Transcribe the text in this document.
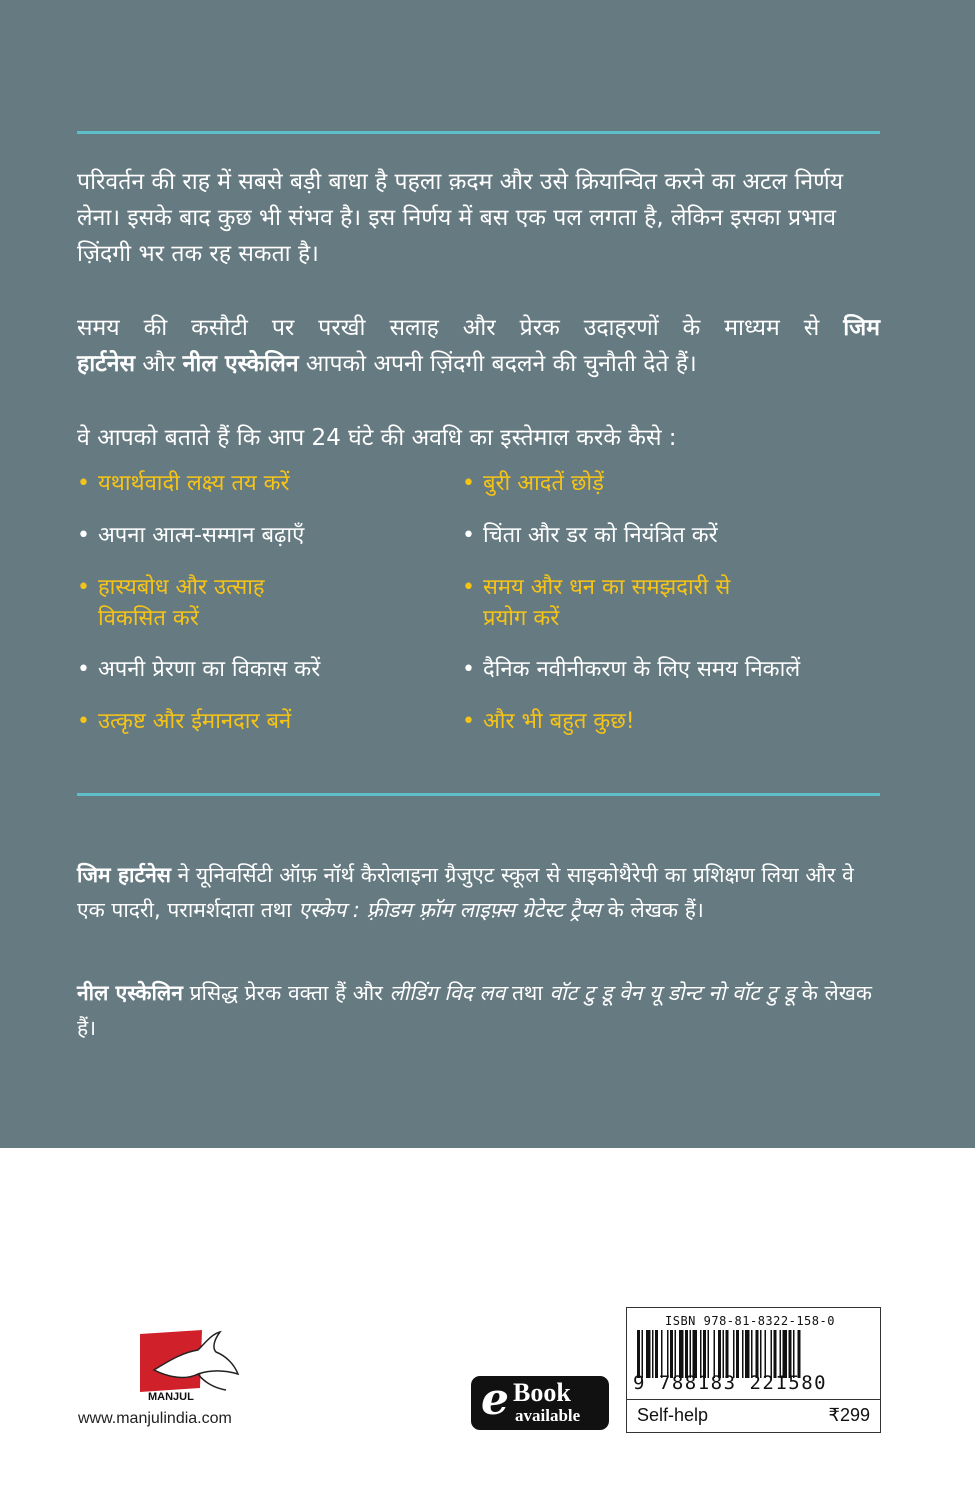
परिवर्तन की राह में सबसे बड़ी बाधा है पहला क़दम और उसे क्रियान्वित करने का अटल निर्णय लेना। इसके बाद कुछ भी संभव है। इस निर्णय में बस एक पल लगता है, लेकिन इसका प्रभाव ज़िंदगी भर तक रह सकता है।
समय की कसौटी पर परखी सलाह और प्रेरक उदाहरणों के माध्यम से जिम
हार्टनेस और नील एस्केलिन आपको अपनी ज़िंदगी बदलने की चुनौती देते हैं।
वे आपको बताते हैं कि आप 24 घंटे की अवधि का इस्तेमाल करके कैसे :
• यथार्थवादी लक्ष्य तय करें	• बुरी आदतें छोड़ें
• अपना आत्म-सम्मान बढ़ाएँ	• चिंता और डर को नियंत्रित करें
• हास्यबोध और उत्साह
विकसित करें
• समय और धन का समझदारी से
प्रयोग करें
• अपनी प्रेरणा का विकास करें	• दैनिक नवीनीकरण के लिए समय निकालें
• उत्कृष्ट और ईमानदार बनें	• और भी बहुत कुछ!
जिम हार्टनेस ने यूनिवर्सिटी ऑफ़ नॉर्थ कैरोलाइना ग्रैजुएट स्कूल से साइकोथैरेपी का प्रशिक्षण लिया और वे एक पादरी, परामर्शदाता तथा एस्केप : फ़्रीडम फ़्रॉम लाइफ़्स ग्रेटेस्ट ट्रैप्स के लेखक हैं।
नील एस्केलिन प्रसिद्ध प्रेरक वक्ता हैं और लीडिंग विद लव तथा वॉट टु डू वेन यू डोन्ट नो वॉट टु डू के लेखक हैं।
MANJUL
www.manjulindia.com	e Book
available
ISBN 978-81-8322-158-0
9 788183 221580
Self-help	₹299
